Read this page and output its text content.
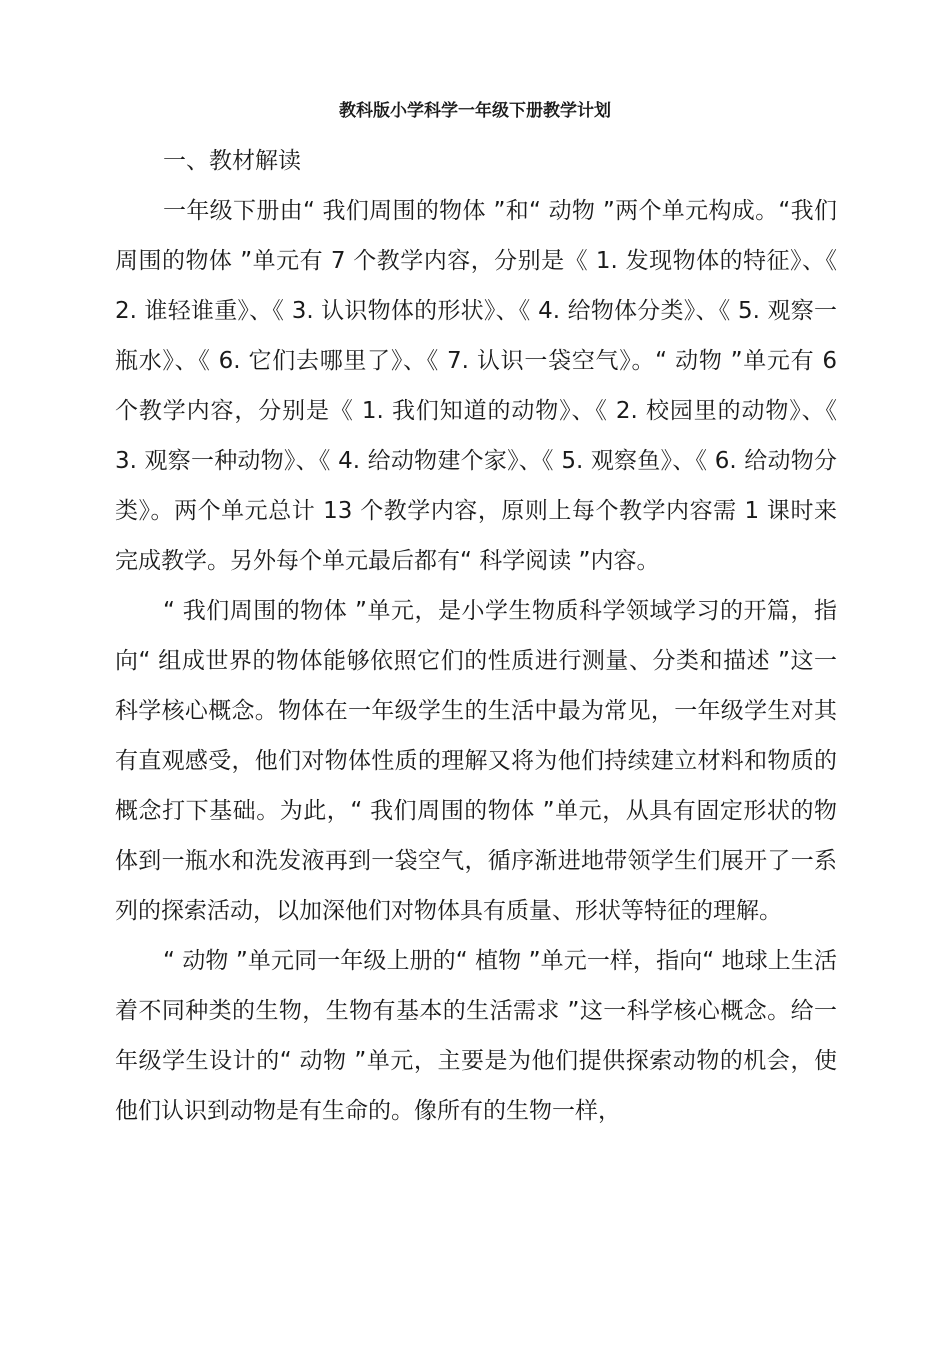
教科版小学科学一年级下册教学计划

一、教材解读

一年级下册由“ 我们周围的物体 ”和“ 动物 ”两个单元构成。“我们周围的物体 ”单元有 7 个教学内容，分别是《 1. 发现物体的特征》、《 2. 谁轻谁重》、《 3. 认识物体的形状》、《 4. 给物体分类》、《 5. 观察一瓶水》、《 6. 它们去哪里了》、《 7. 认识一袋空气》。“ 动物 ”单元有 6 个教学内容，分别是《 1. 我们知道的动物》、《 2. 校园里的动物》、《 3. 观察一种动物》、《 4. 给动物建个家》、《 5. 观察鱼》、《 6. 给动物分类》。两个单元总计 13 个教学内容，原则上每个教学内容需 1 课时来完成教学。另外每个单元最后都有“ 科学阅读 ”内容。

“ 我们周围的物体 ”单元，是小学生物质科学领域学习的开篇，指向“ 组成世界的物体能够依照它们的性质进行测量、分类和描述 ”这一科学核心概念。物体在一年级学生的生活中最为常见，一年级学生对其有直观感受，他们对物体性质的理解又将为他们持续建立材料和物质的概念打下基础。为此，“ 我们周围的物体 ”单元，从具有固定形状的物体到一瓶水和洗发液再到一袋空气，循序渐进地带领学生们展开了一系列的探索活动，以加深他们对物体具有质量、形状等特征的理解。

“ 动物 ”单元同一年级上册的“ 植物 ”单元一样，指向“ 地球上生活着不同种类的生物，生物有基本的生活需求 ”这一科学核心概念。给一年级学生设计的“ 动物 ”单元，主要是为他们提供探索动物的机会，使他们认识到动物是有生命的。像所有的生物一样，
